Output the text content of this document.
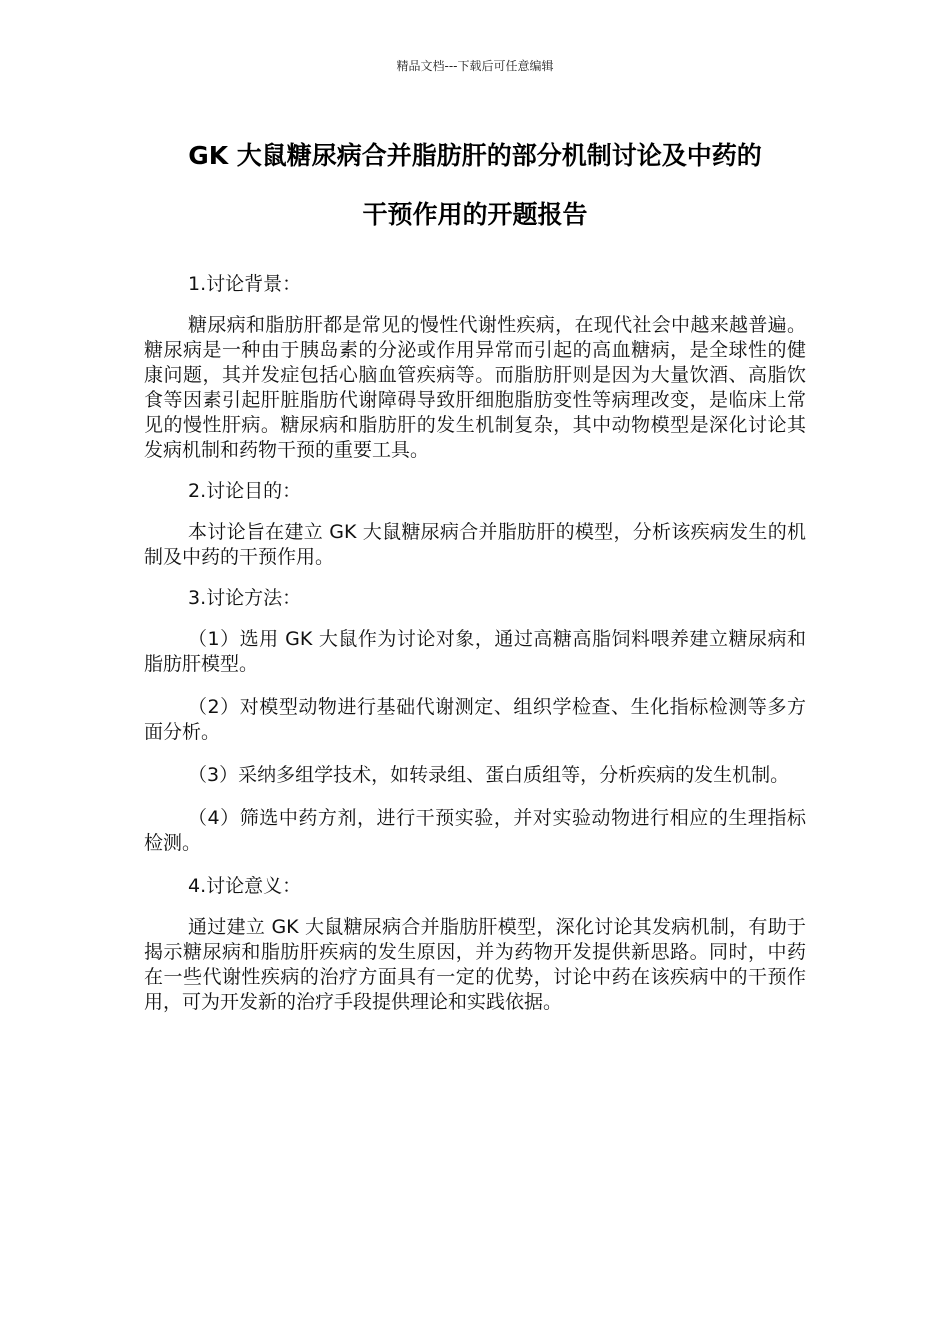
精品文档---下载后可任意编辑
GK 大鼠糖尿病合并脂肪肝的部分机制讨论及中药的
干预作用的开题报告

1.讨论背景：

糖尿病和脂肪肝都是常见的慢性代谢性疾病，在现代社会中越来越普遍。糖尿病是一种由于胰岛素的分泌或作用异常而引起的高血糖病，是全球性的健康问题，其并发症包括心脑血管疾病等。而脂肪肝则是因为大量饮酒、高脂饮食等因素引起肝脏脂肪代谢障碍导致肝细胞脂肪变性等病理改变，是临床上常见的慢性肝病。糖尿病和脂肪肝的发生机制复杂，其中动物模型是深化讨论其发病机制和药物干预的重要工具。

2.讨论目的：

本讨论旨在建立 GK 大鼠糖尿病合并脂肪肝的模型，分析该疾病发生的机制及中药的干预作用。

3.讨论方法：

（1）选用 GK 大鼠作为讨论对象，通过高糖高脂饲料喂养建立糖尿病和脂肪肝模型。

（2）对模型动物进行基础代谢测定、组织学检查、生化指标检测等多方面分析。

（3）采纳多组学技术，如转录组、蛋白质组等，分析疾病的发生机制。

（4）筛选中药方剂，进行干预实验，并对实验动物进行相应的生理指标检测。

4.讨论意义：

通过建立 GK 大鼠糖尿病合并脂肪肝模型，深化讨论其发病机制，有助于揭示糖尿病和脂肪肝疾病的发生原因，并为药物开发提供新思路。同时，中药在一些代谢性疾病的治疗方面具有一定的优势，讨论中药在该疾病中的干预作用，可为开发新的治疗手段提供理论和实践依据。
